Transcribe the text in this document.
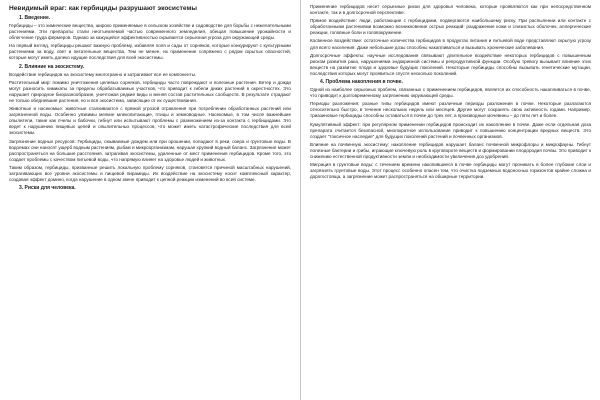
Невидимый враг: как гербициды разрушают экосистемы
1. Введение.
Гербициды – это химические вещества, широко применяемые в сельском хозяйстве и садоводстве для борьбы с нежелательными растениями. Эти препараты стали неотъемлемой частью современного земледелия, обещая повышение урожайности и облегчение труда фермеров. Однако за кажущейся эффективностью скрывается серьезная угроза для окружающей среды.
На первый взгляд, гербициды решают важную проблему, избавляя поля и сады от сорняков, которые конкурируют с культурными растениями за воду, свет и питательные вещества. Тем не менее, их применение сопряжено с рядом скрытых опасностей, которые могут иметь далеко идущие последствия для всей экосистемы.
2. Влияние на экосистему.
Воздействие гербицидов на экосистему многогранно и затрагивает все ее компоненты.
Растительный мир: помимо уничтожения целевых сорняков, гербициды часто повреждают и полезные растения. Ветер и дожди могут разносить химикаты за пределы обрабатываемых участков, что приводит к гибели диких растений в окрестностях. Это нарушает природное биоразнообразие, уничтожая редкие виды и меняя состав растительных сообществ. В результате страдают не только обедневшие растения, но и вся экосистема, зависящие от их существования.
Животные и насекомые: животные сталкиваются с прямой угрозой отравления при потреблении обработанных растений или загрязненной воды. Особенно уязвимы мелкие млекопитающие, птицы и земноводные. Насекомые, в том числе важнейшие опылители, такие как пчелы и бабочки, гибнут или испытывают проблемы с размножением из-за контакта с гербицидами. Это ведет к нарушению пищевых цепей и опылительных процессов, что может иметь катастрофические последствия для всей экосистемы.
Загрязнение водных ресурсов: Гербициды, смываемые дождем или при орошении, попадают в реки, озера и грунтовые воды. В водоемах они наносят ущерб водным растениям, рыбам и микроорганизмам, нарушая хрупкий водный баланс. Загрязнение может распространяться на большие расстояния, затрагивая экосистемы, удаленные от мест применения гербицидов. Кроме того, это создает проблемы с качеством питьевой воды, что напрямую влияет на здоровье людей и животных.
Таким образом, гербициды, призванные решить локальную проблему сорняков, становятся причиной масштабных нарушений, затрагивающих все уровни экосистемы и пищевой пирамиды. Их воздействие на экосистему носит комплексный характер, создавая эффект домино, когда нарушение в одном звене приводит к цепной реакции изменений во всей системе.
3. Риски для человека.
Применение гербицидов несет серьезные риски для здоровья человека, которые проявляются как при непосредственном контакте, так и в долгосрочной перспективе.
Прямое воздействие: люди, работающие с гербицидами, подвергаются наибольшему риску. При распылении или контакте с обработанными растениями возможно возникновение острых реакций: раздражение кожи и слизистых оболочек, аллергические реакции, головные боли и головокружение.
Косвенное воздействие: остаточные количества гербицидов в продуктах питания и питьевой воде представляют скрытую угрозу для всего населения. Даже небольшие дозы способны накапливаться и вызывать хронические заболевания.
Долгосрочные эффекты: научные исследования связывают длительное воздействие некоторых гербицидов с повышенным риском развития рака, нарушениями эндокринной системы и репродуктивной функции. Особую тревогу вызывает влияние этих веществ на развитие плода и здоровье будущих поколений. Некоторые гербициды способны вызывать генетические мутации, последствия которых могут проявиться спустя несколько поколений.
4. Проблема накопления в почве.
Одной из наиболее серьезных проблем, связанных с применением гербицидов, является их способность накапливаться в почве, что приводит к долговременному загрязнению окружающей среды.
Периоды разложения: разные типы гербицидов имеют различные периоды разложения в почве. Некоторые разлагаются относительно быстро, в течение нескольких недель или месяцев. Другие могут сохранять свою активность годами. Например, триазиновые гербициды способны оставаться в почве до трех лет, а производные мочевины – до пяти лет и более.
Кумулятивный эффект: при регулярном применении гербицидов происходит их накопление в почве. Даже если отдельная доза препарата считается безопасной, многократное использование приводит к повышению концентрации вредных веществ. Это создает "токсичное наследие" для будущих поколений растений и почвенных организмов.
Влияние на почвенную экосистему: накопление гербицидов нарушает баланс почвенной микрофлоры и микрофауны. Гибнут полезные бактерии и грибы, играющие ключевую роль в круговороте веществ и формировании плодородия почвы. Это приводит к снижению естественной продуктивности земли и необходимости увеличения доз удобрений.
Миграция в грунтовые воды: с течением времени накопившиеся в почве гербициды могут проникать в более глубокие слои и загрязнять грунтовые воды. Этот процесс особенно опасен тем, что очистка подземных водоносных горизонтов крайне сложна и дорогостояща, а загрязнение может распространяться на обширные территории.
